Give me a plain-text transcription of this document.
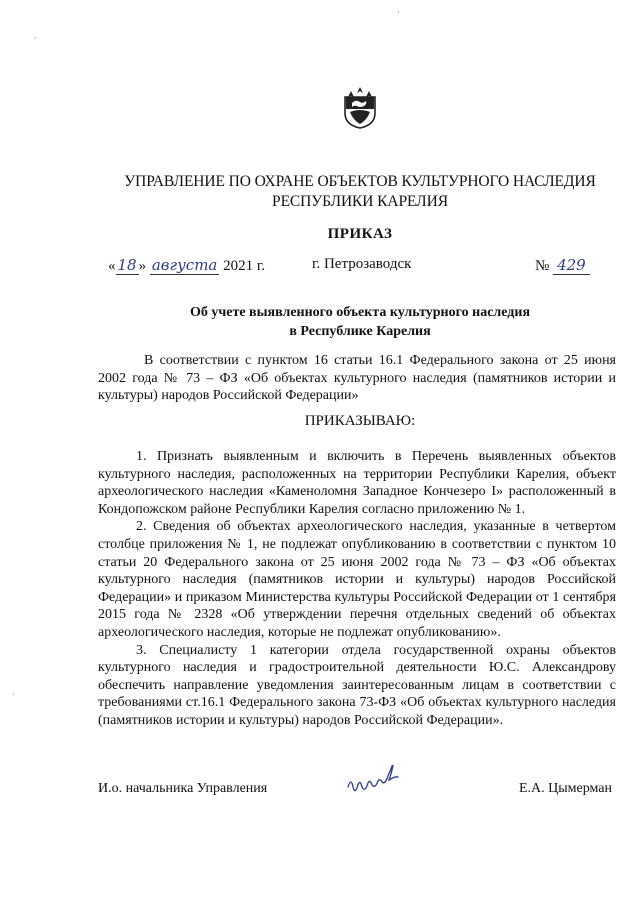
УПРАВЛЕНИЕ ПО ОХРАНЕ ОБЪЕКТОВ КУЛЬТУРНОГО НАСЛЕДИЯ
РЕСПУБЛИКИ КАРЕЛИЯ
ПРИКАЗ
« 18 » августа 2021 г.	г. Петрозаводск	№ 429
Об учете выявленного объекта культурного наследия
в Республике Карелия

В соответствии с пунктом 16 статьи 16.1 Федерального закона от 25 июня 2002 года № 73 – ФЗ «Об объектах культурного наследия (памятников истории и культуры) народов Российской Федерации»

ПРИКАЗЫВАЮ:

1. Признать выявленным и включить в Перечень выявленных объектов культурного наследия, расположенных на территории Республики Карелия, объект археологического наследия «Каменоломня Западное Кончезеро I» расположенный в Кондопожском районе Республики Карелия согласно приложению № 1.

2. Сведения об объектах археологического наследия, указанные в четвертом столбце приложения № 1, не подлежат опубликованию в соответствии с пунктом 10 статьи 20 Федерального закона от 25 июня 2002 года № 73 – ФЗ «Об объектах культурного наследия (памятников истории и культуры) народов Российской Федерации» и приказом Министерства культуры Российской Федерации от 1 сентября 2015 года № 2328 «Об утверждении перечня отдельных сведений об объектах археологического наследия, которые не подлежат опубликованию».

3. Специалисту 1 категории отдела государственной охраны объектов культурного наследия и градостроительной деятельности Ю.С. Александрову обеспечить направление уведомления заинтересованным лицам в соответствии с требованиями ст.16.1 Федерального закона 73-ФЗ «Об объектах культурного наследия (памятников истории и культуры) народов Российской Федерации».

И.о. начальника Управления	Е.А. Цымерман
·
·
·
